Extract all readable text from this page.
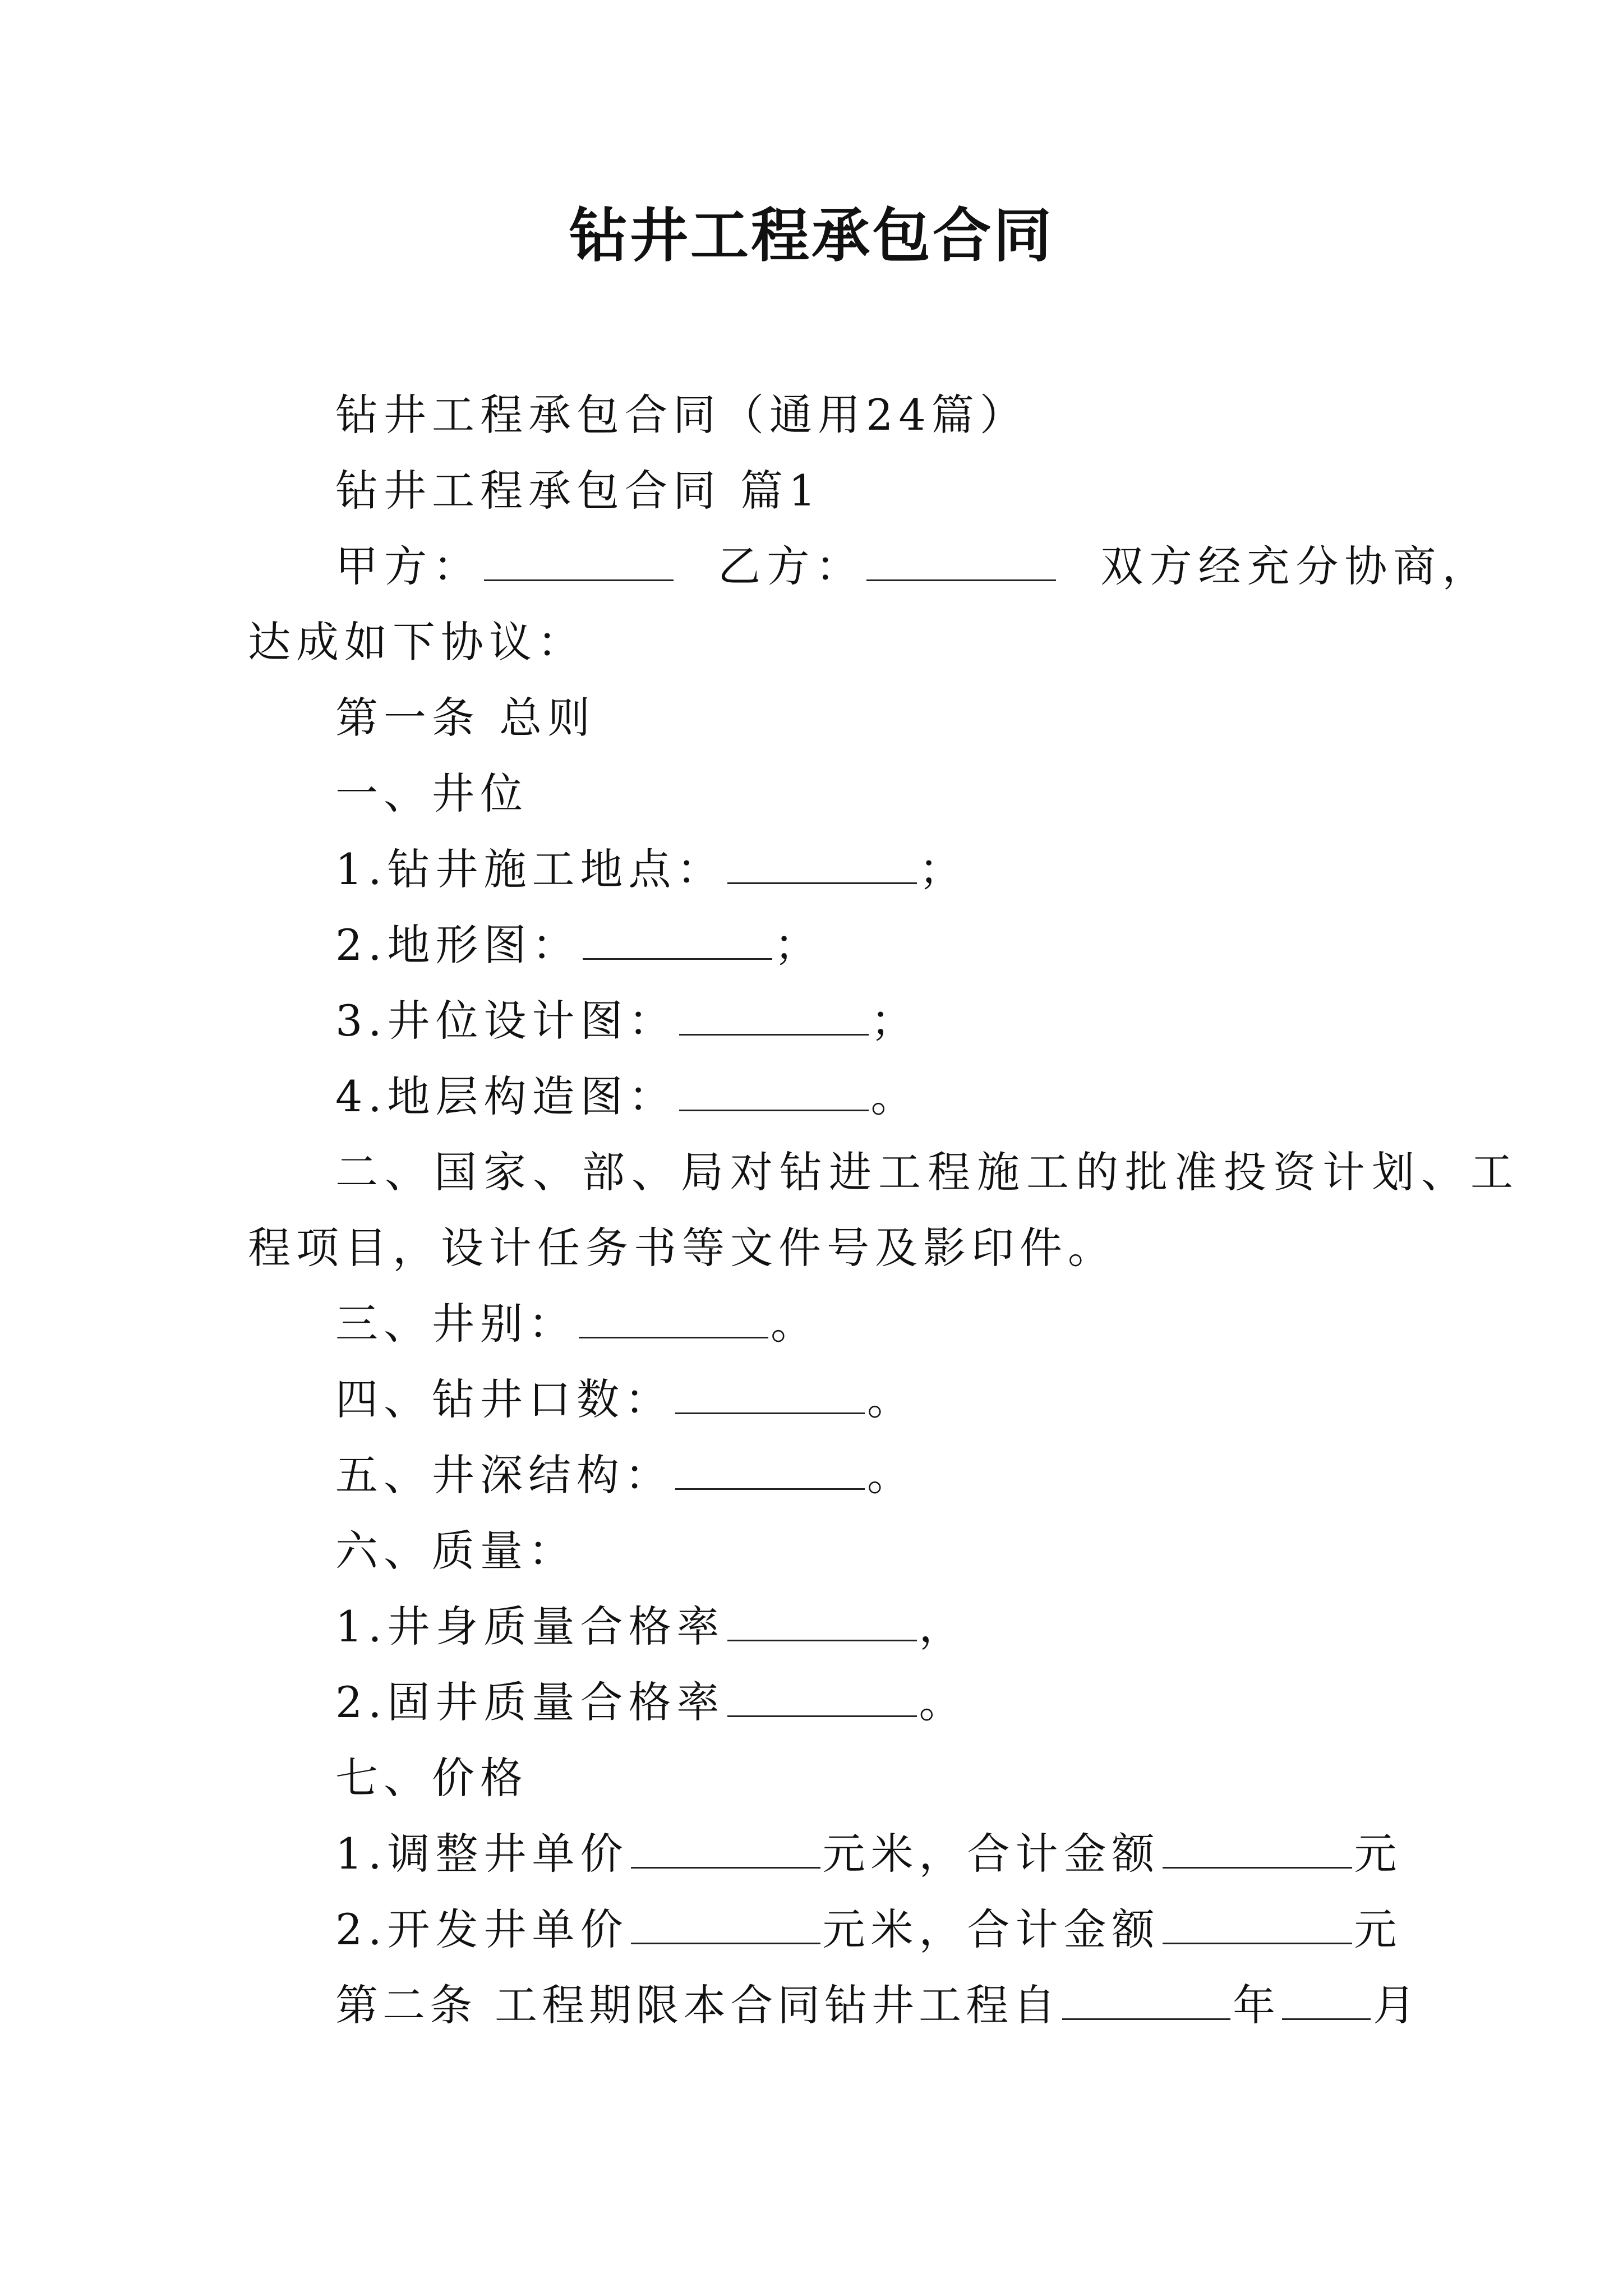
钻井工程承包合同
钻井工程承包合同（通用24篇）
钻井工程承包合同 篇1
甲方：	乙方：	双方经充分协商，
达成如下协议：
第一条 总则
一、井位
1.钻井施工地点：	；
2.地形图：	；
3.井位设计图：	；
4.地层构造图：	。
二、国家、部、局对钻进工程施工的批准投资计划、工
程项目，设计任务书等文件号及影印件。
三、井别：	。
四、钻井口数：	。
五、井深结构：	。
六、质量：
1.井身质量合格率	，
2.固井质量合格率	。
七、价格
1.调整井单价	元米，合计金额	元
2.开发井单价	元米，合计金额	元
第二条 工程期限本合同钻井工程自	年 月
